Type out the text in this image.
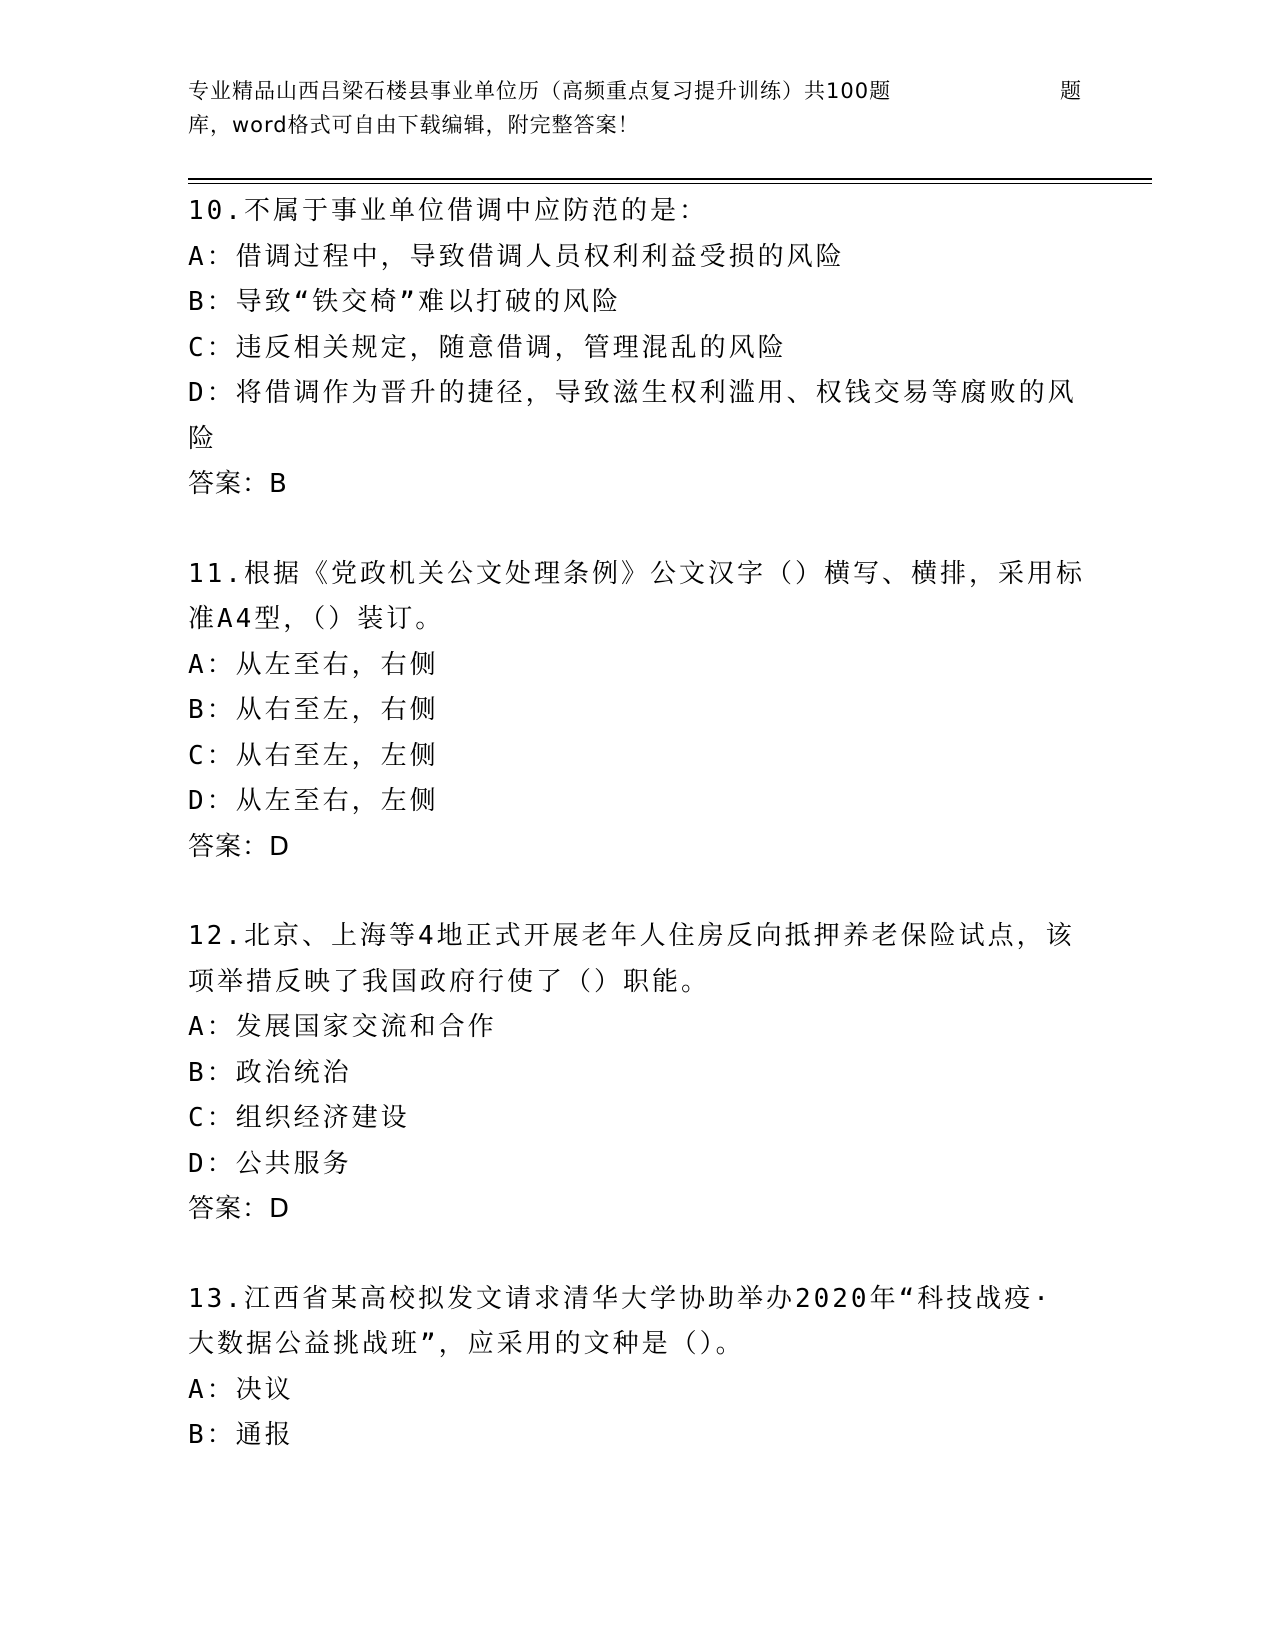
专业精品山西吕梁石楼县事业单位历（高频重点复习提升训练）共100题	题
库，word格式可自由下载编辑，附完整答案！
10.不属于事业单位借调中应防范的是：
A：借调过程中，导致借调人员权利利益受损的风险
B：导致“铁交椅”难以打破的风险
C：违反相关规定，随意借调，管理混乱的风险
D：将借调作为晋升的捷径，导致滋生权利滥用、权钱交易等腐败的风
险
答案：B
11.根据《党政机关公文处理条例》公文汉字（）横写、横排，采用标
准A4型，（）装订。
A：从左至右，右侧
B：从右至左，右侧
C：从右至左，左侧
D：从左至右，左侧
答案：D
12.北京、上海等4地正式开展老年人住房反向抵押养老保险试点，该
项举措反映了我国政府行使了（）职能。
A：发展国家交流和合作
B：政治统治
C：组织经济建设
D：公共服务
答案：D
13.江西省某高校拟发文请求清华大学协助举办2020年“科技战疫·
大数据公益挑战班”，应采用的文种是（）。
A：决议
B：通报
